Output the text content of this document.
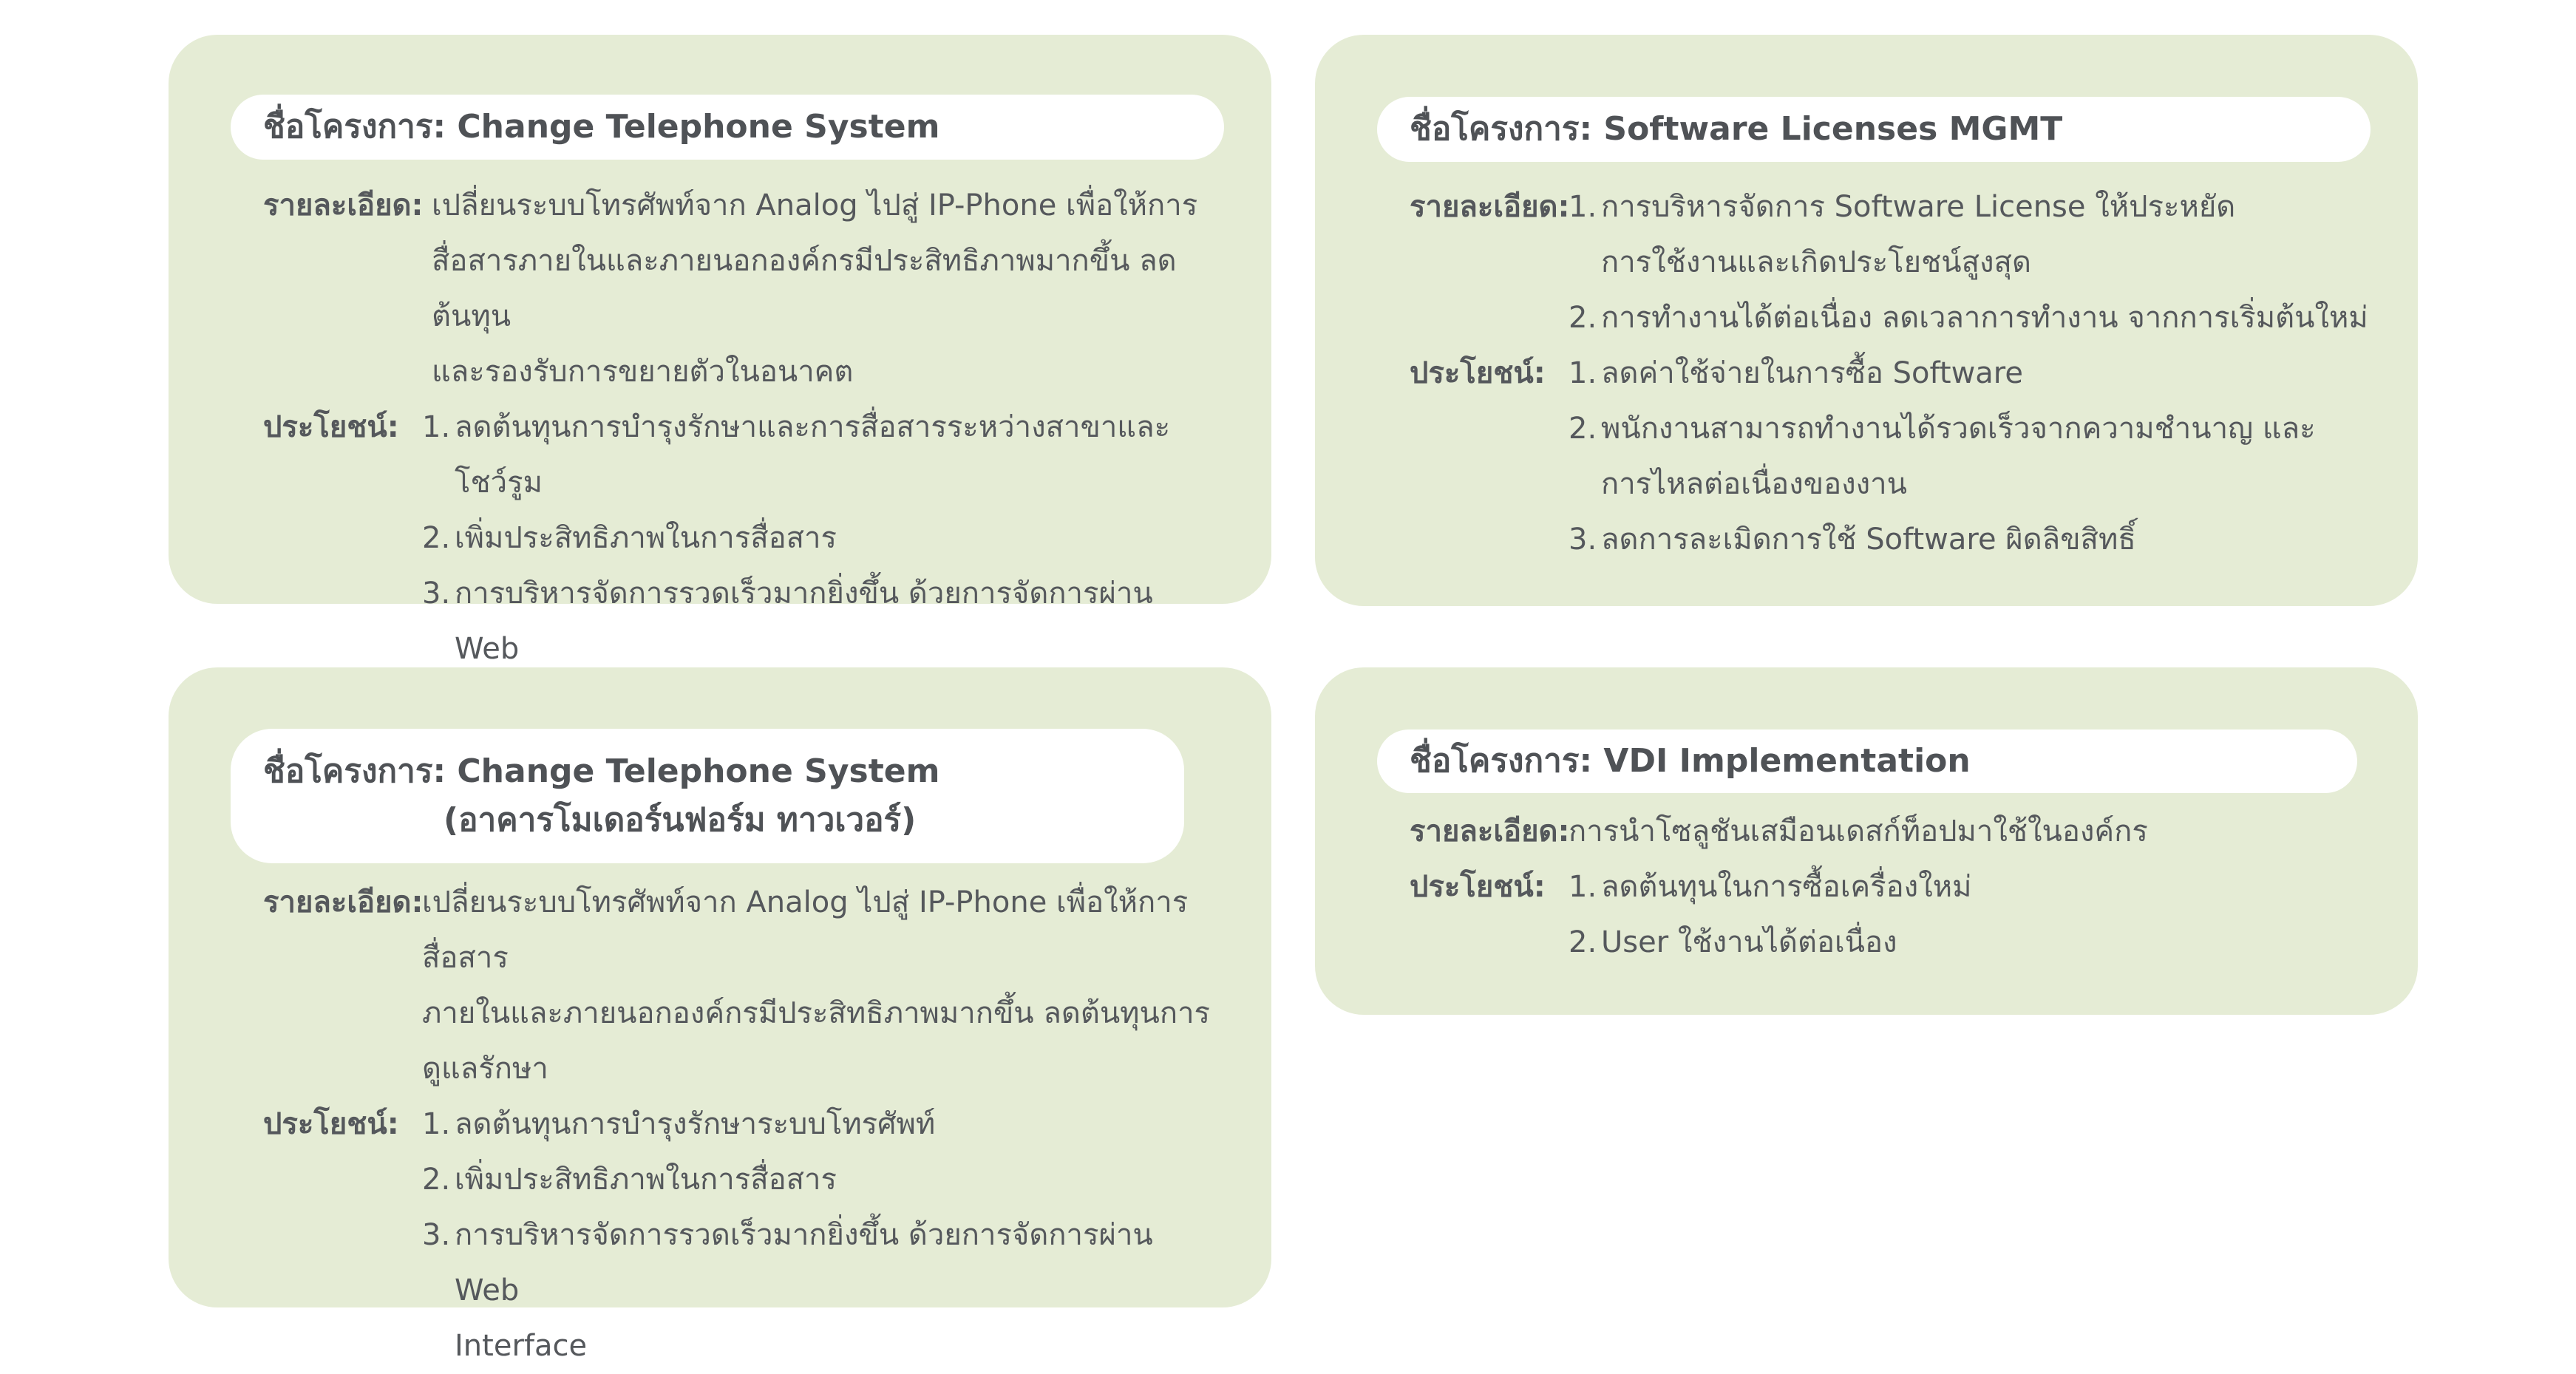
ชื่อโครงการ: Change Telephone System
รายละเอียด: เปลี่ยนระบบโทรศัพท์จาก Analog ไปสู่ IP-Phone เพื่อให้การ
สื่อสารภายในและภายนอกองค์กรมีประสิทธิภาพมากขึ้น ลดต้นทุน
และรองรับการขยายตัวในอนาคต
ประโยชน์: 1. ลดต้นทุนการบำรุงรักษาและการสื่อสารระหว่างสาขาและโชว์รูม
2. เพิ่มประสิทธิภาพในการสื่อสาร
3. การบริหารจัดการรวดเร็วมากยิ่งขึ้น ด้วยการจัดการผ่าน Web
ชื่อโครงการ: Software Licenses MGMT
รายละเอียด:
1. การบริหารจัดการ Software License ให้ประหยัด
การใช้งานและเกิดประโยชน์สูงสุด
2. การทำงานได้ต่อเนื่อง ลดเวลาการทำงาน จากการเริ่มต้นใหม่
ประโยชน์: 1. ลดค่าใช้จ่ายในการซื้อ Software
2. พนักงานสามารถทำงานได้รวดเร็วจากความชำนาญ และ
การไหลต่อเนื่องของงาน
3. ลดการละเมิดการใช้ Software ผิดลิขสิทธิ์
ชื่อโครงการ: Change Telephone System
(อาคารโมเดอร์นฟอร์ม ทาวเวอร์)
รายละเอียด:
เปลี่ยนระบบโทรศัพท์จาก Analog ไปสู่ IP-Phone เพื่อให้การสื่อสาร
ภายในและภายนอกองค์กรมีประสิทธิภาพมากขึ้น ลดต้นทุนการ
ดูแลรักษา
ประโยชน์: 1. ลดต้นทุนการบำรุงรักษาระบบโทรศัพท์
2. เพิ่มประสิทธิภาพในการสื่อสาร
3. การบริหารจัดการรวดเร็วมากยิ่งขึ้น ด้วยการจัดการผ่าน Web
Interface
ชื่อโครงการ: VDI Implementation
รายละเอียด:
การนำโซลูชันเสมือนเดสก์ท็อปมาใช้ในองค์กร
ประโยชน์: 1. ลดต้นทุนในการซื้อเครื่องใหม่
2. User ใช้งานได้ต่อเนื่อง
